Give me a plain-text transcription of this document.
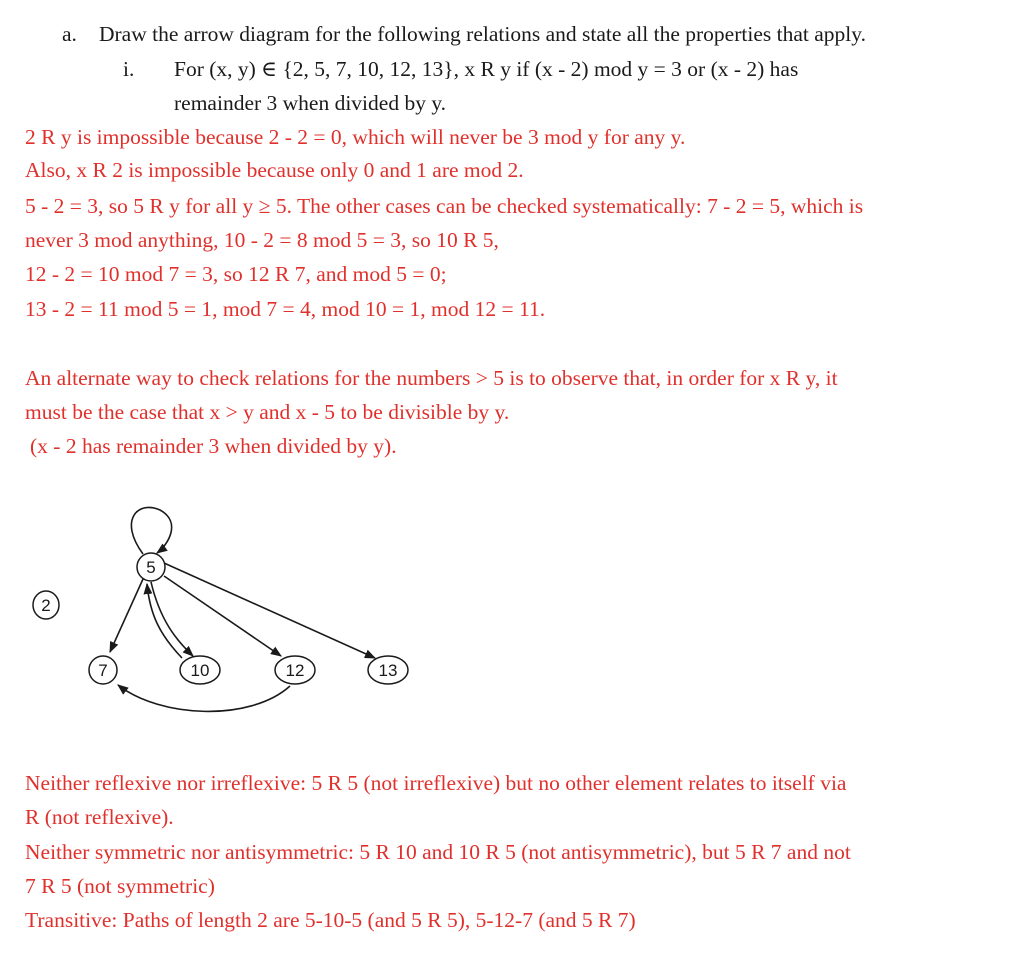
a. Draw the arrow diagram for the following relations and state all the properties that apply.
i. For (x, y) ∈ {2, 5, 7, 10, 12, 13}, x R y if (x - 2) mod y = 3 or (x - 2) has
remainder 3 when divided by y.
2 R y is impossible because 2 - 2 = 0, which will never be 3 mod y for any y.
Also, x R 2 is impossible because only 0 and 1 are mod 2.
5 - 2 = 3, so 5 R y for all y ≥ 5. The other cases can be checked systematically: 7 - 2 = 5, which is
never 3 mod anything, 10 - 2 = 8 mod 5 = 3, so 10 R 5,
12 - 2 = 10 mod 7 = 3, so 12 R 7, and mod 5 = 0;
13 - 2 = 11 mod 5 = 1, mod 7 = 4, mod 10 = 1, mod 12 = 11.
An alternate way to check relations for the numbers > 5 is to observe that, in order for x R y, it
must be the case that x > y and x - 5 to be divisible by y.
(x - 2 has remainder 3 when divided by y).
2
5
7	10	12	13
Neither reflexive nor irreflexive: 5 R 5 (not irreflexive) but no other element relates to itself via
R (not reflexive).
Neither symmetric nor antisymmetric: 5 R 10 and 10 R 5 (not antisymmetric), but 5 R 7 and not
7 R 5 (not symmetric)
Transitive: Paths of length 2 are 5-10-5 (and 5 R 5), 5-12-7 (and 5 R 7)
